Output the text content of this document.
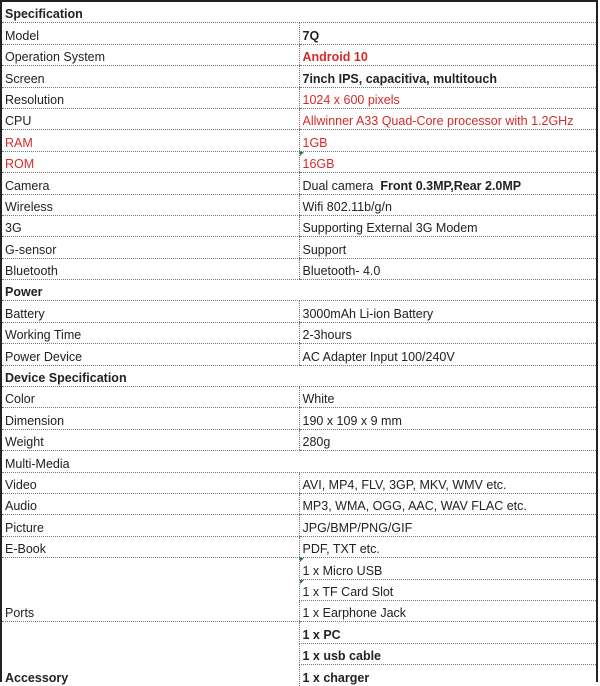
Specification	
Model	7Q
Operation System	Android 10
Screen	7inch IPS, capacitiva, multitouch
Resolution	1024 x 600 pixels
CPU	Allwinner A33 Quad-Core processor with 1.2GHz
RAM	1GB
ROM	16GB
Camera	Dual camera Front 0.3MP,Rear 2.0MP
Wireless	Wifi 802.11b/g/n
3G	Supporting External 3G Modem
G-sensor	Support
Bluetooth	Bluetooth- 4.0
Power	
Battery	3000mAh Li-ion Battery
Working Time	2-3hours
Power Device	AC Adapter Input 100/240V
Device Specification	
Color	White
Dimension	190 x 109 x 9 mm
Weight	280g
Multi-Media	
Video	AVI, MP4, FLV, 3GP, MKV, WMV etc.
Audio	MP3, WMA, OGG, AAC, WAV FLAC etc.
Picture	JPG/BMP/PNG/GIF
E-Book	PDF, TXT etc.
Ports	1 x Micro USB
	1 x TF Card Slot
	1 x Earphone Jack
Accessory	1 x PC
	1 x usb cable
	1 x charger
